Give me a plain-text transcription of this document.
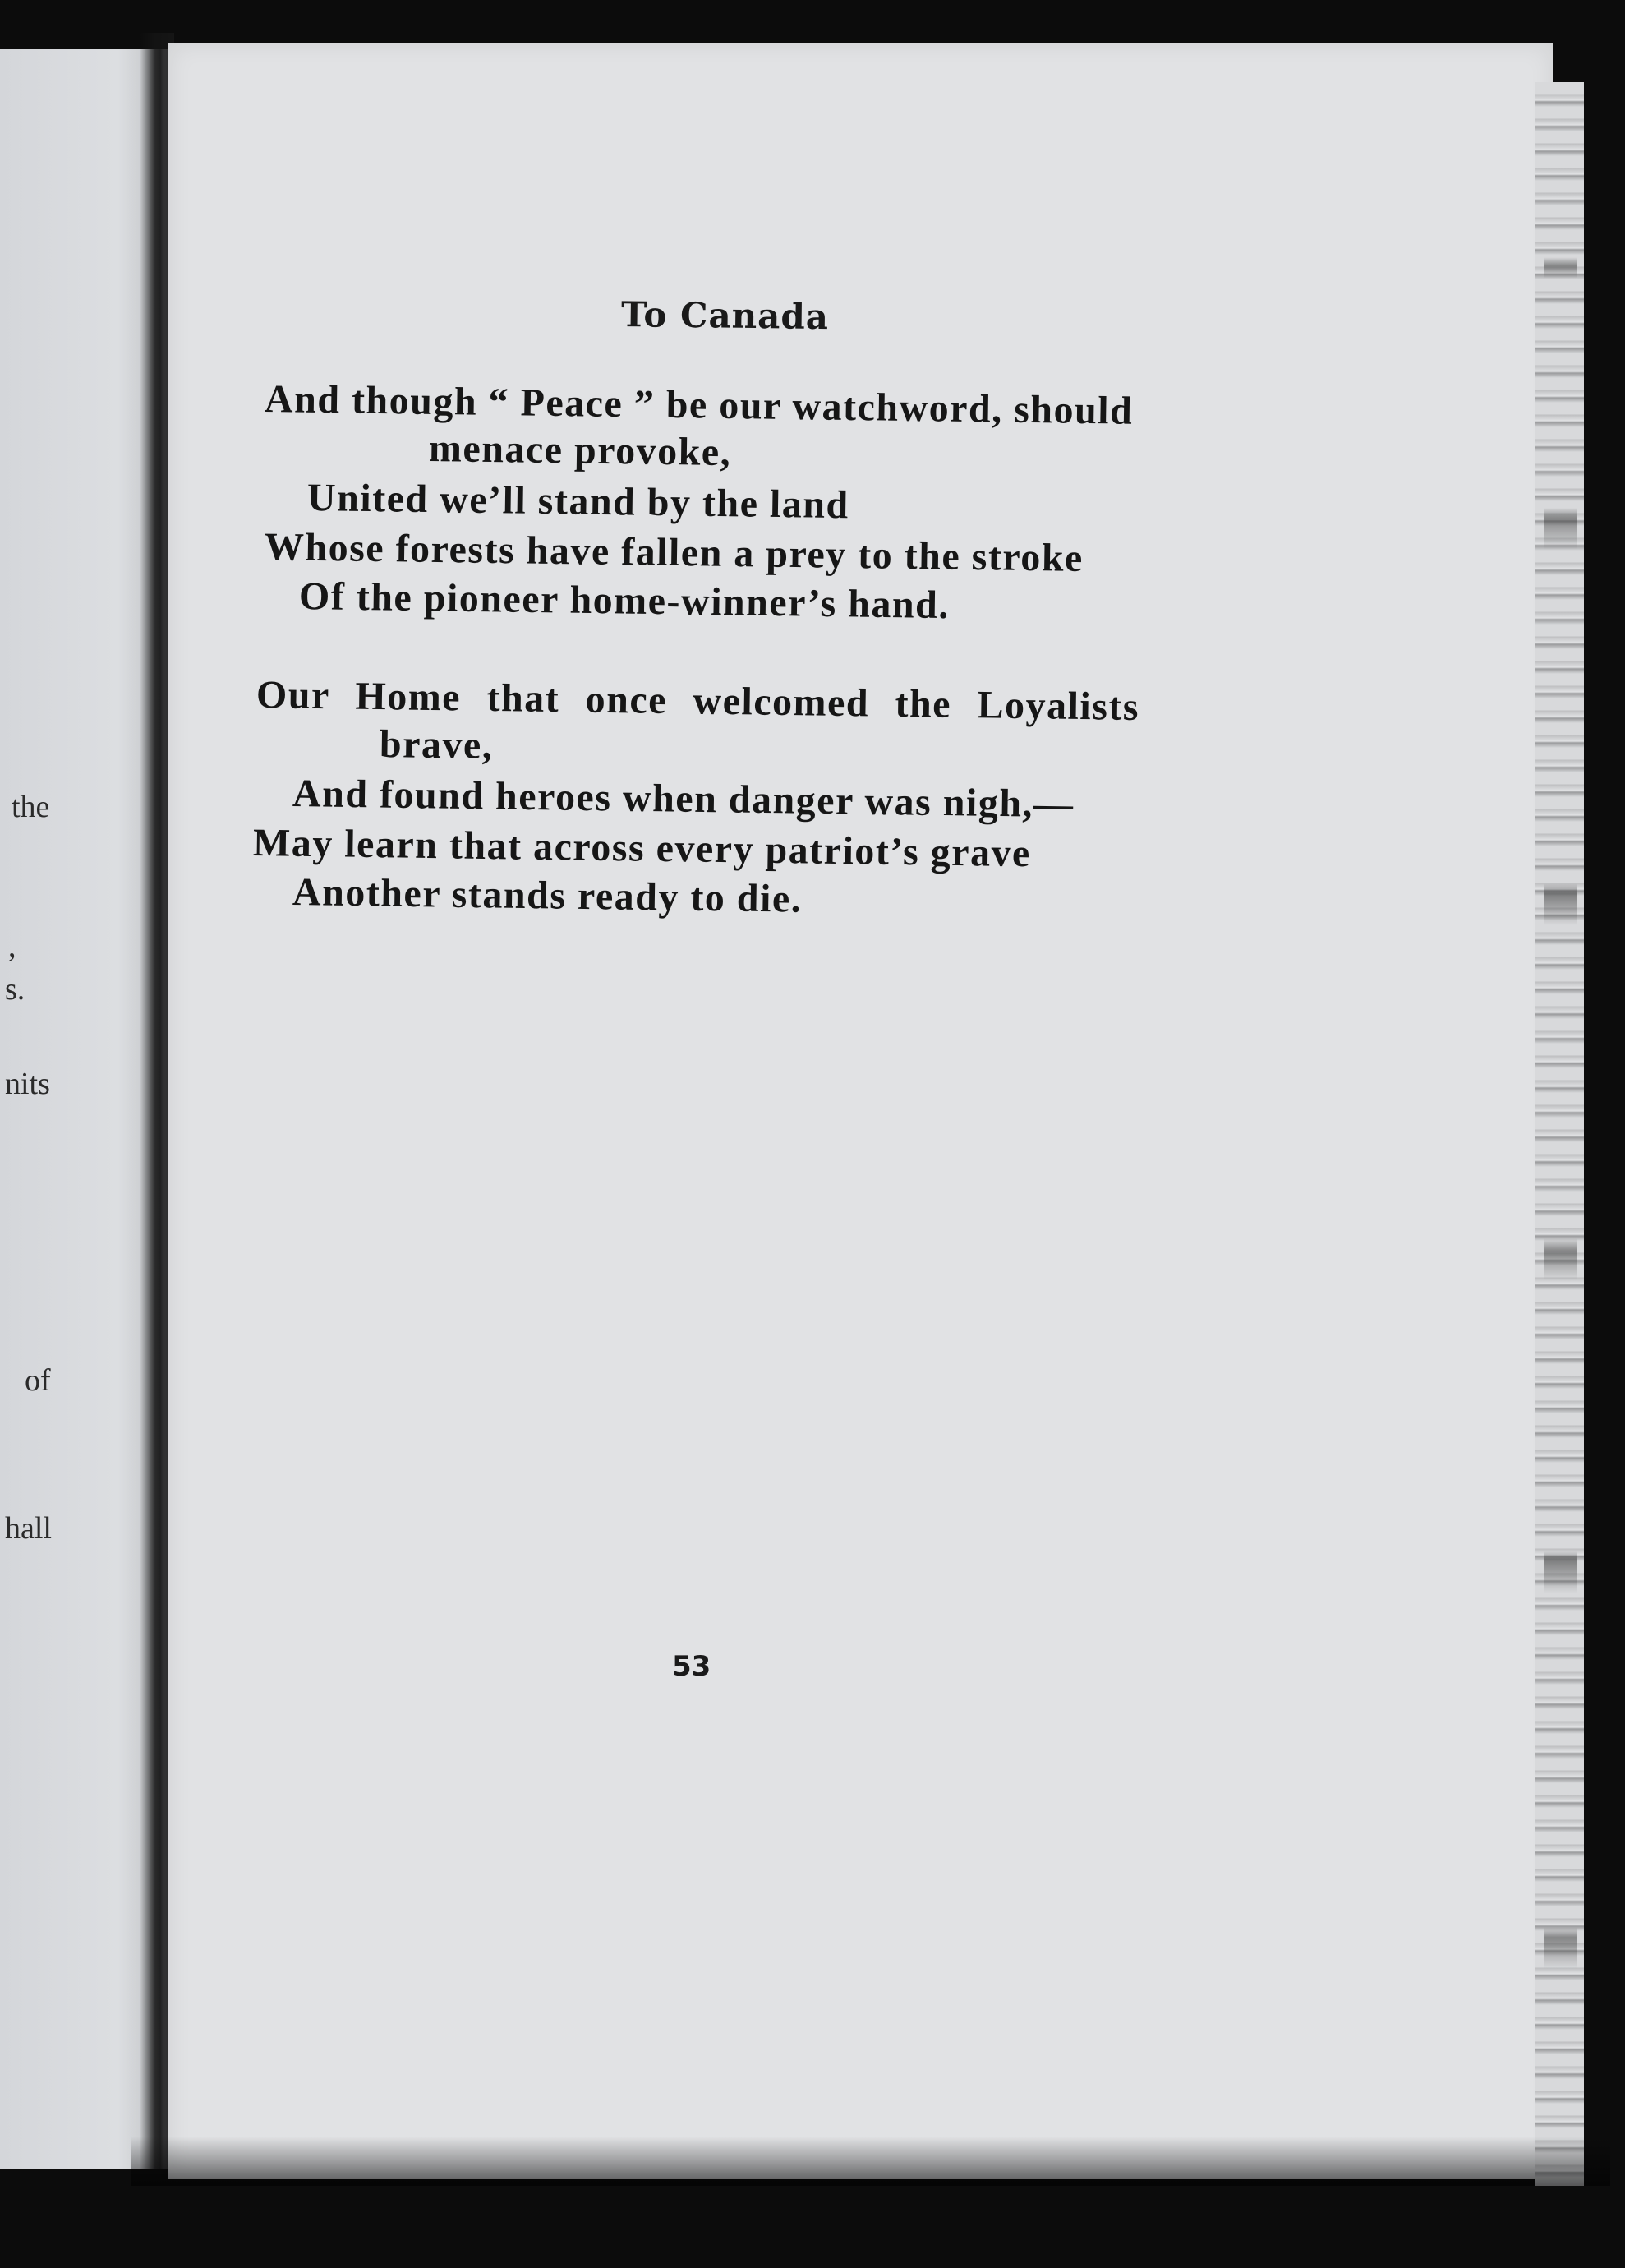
the
,
s.
nits
of
hall
To Canada
And though “ Peace ” be our watchword, should
menace provoke,
United we’ll stand by the land
Whose forests have fallen a prey to the stroke
Of the pioneer home-winner’s hand.
Our Home that once welcomed the Loyalists
brave,
And found heroes when danger was nigh,—
May learn that across every patriot’s grave
Another stands ready to die.
53
